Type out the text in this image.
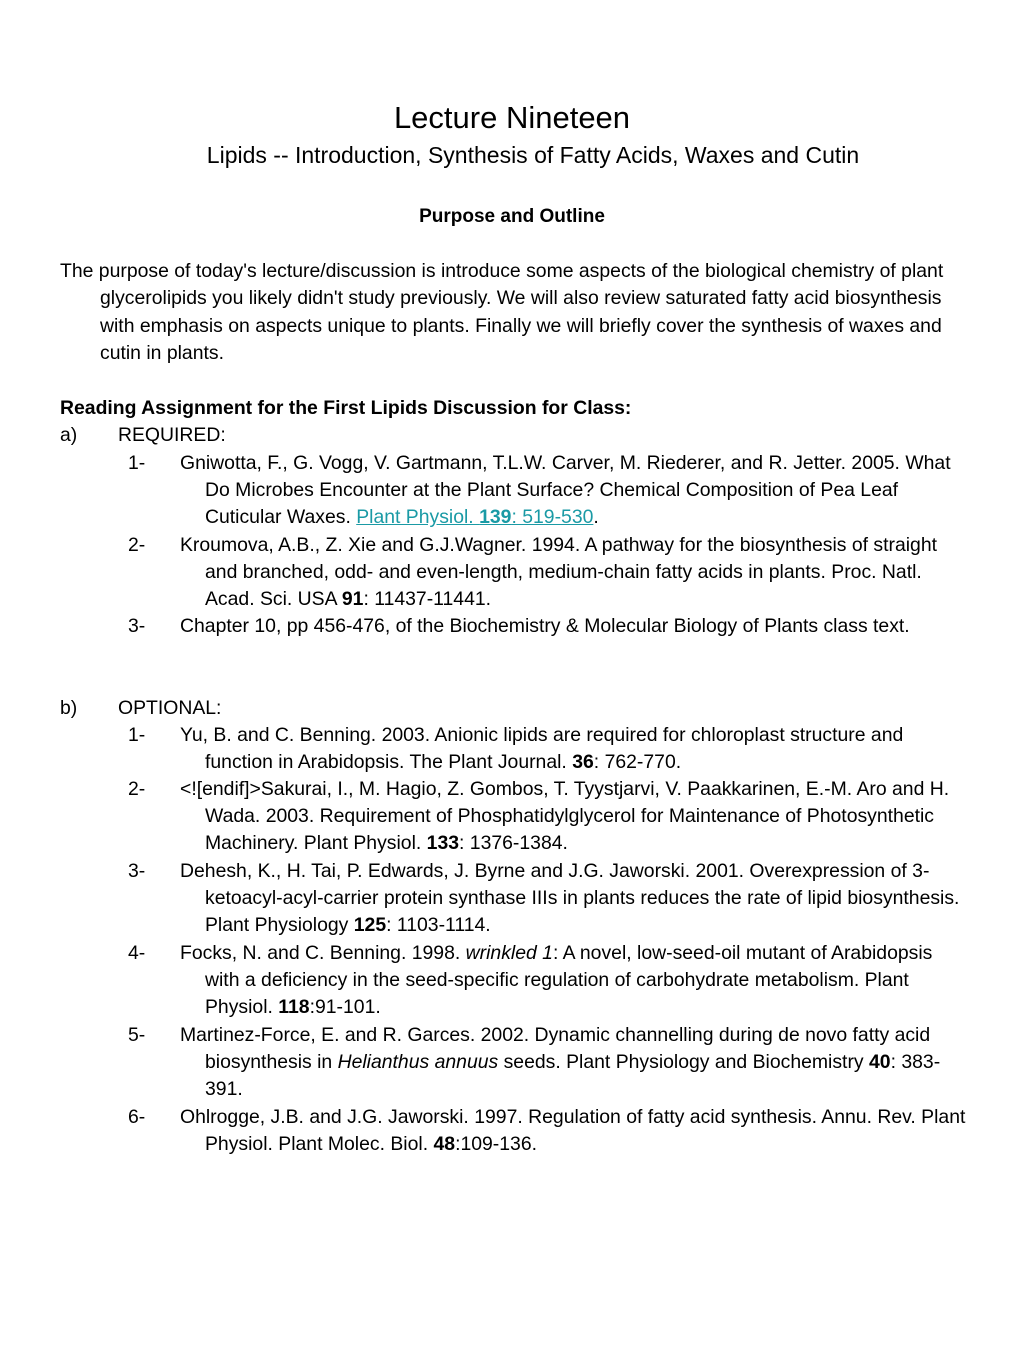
Lecture Nineteen
Lipids -- Introduction, Synthesis of Fatty Acids, Waxes and Cutin
Purpose and Outline
The purpose of today's lecture/discussion is introduce some aspects of the biological chemistry of plant glycerolipids you likely didn't study previously. We will also review saturated fatty acid biosynthesis with emphasis on aspects unique to plants. Finally we will briefly cover the synthesis of waxes and cutin in plants.
Reading Assignment for the First Lipids Discussion for Class:
a) REQUIRED:
1- Gniwotta, F., G. Vogg, V. Gartmann, T.L.W. Carver, M. Riederer, and R. Jetter. 2005. What Do Microbes Encounter at the Plant Surface? Chemical Composition of Pea Leaf Cuticular Waxes. Plant Physiol. 139: 519-530.
2- Kroumova, A.B., Z. Xie and G.J.Wagner. 1994. A pathway for the biosynthesis of straight and branched, odd- and even-length, medium-chain fatty acids in plants. Proc. Natl. Acad. Sci. USA 91: 11437-11441.
3- Chapter 10, pp 456-476, of the Biochemistry & Molecular Biology of Plants class text.
b) OPTIONAL:
1- Yu, B. and C. Benning. 2003. Anionic lipids are required for chloroplast structure and function in Arabidopsis. The Plant Journal. 36: 762-770.
2- <![endif]>Sakurai, I., M. Hagio, Z. Gombos, T. Tyystjarvi, V. Paakkarinen, E.-M. Aro and H. Wada. 2003. Requirement of Phosphatidylglycerol for Maintenance of Photosynthetic Machinery. Plant Physiol. 133: 1376-1384.
3- Dehesh, K., H. Tai, P. Edwards, J. Byrne and J.G. Jaworski. 2001. Overexpression of 3-ketoacyl-acyl-carrier protein synthase IIIs in plants reduces the rate of lipid biosynthesis. Plant Physiology 125: 1103-1114.
4- Focks, N. and C. Benning. 1998. wrinkled 1: A novel, low-seed-oil mutant of Arabidopsis with a deficiency in the seed-specific regulation of carbohydrate metabolism. Plant Physiol. 118:91-101.
5- Martinez-Force, E. and R. Garces. 2002. Dynamic channelling during de novo fatty acid biosynthesis in Helianthus annuus seeds. Plant Physiology and Biochemistry 40: 383-391.
6- Ohlrogge, J.B. and J.G. Jaworski. 1997. Regulation of fatty acid synthesis. Annu. Rev. Plant Physiol. Plant Molec. Biol. 48:109-136.
